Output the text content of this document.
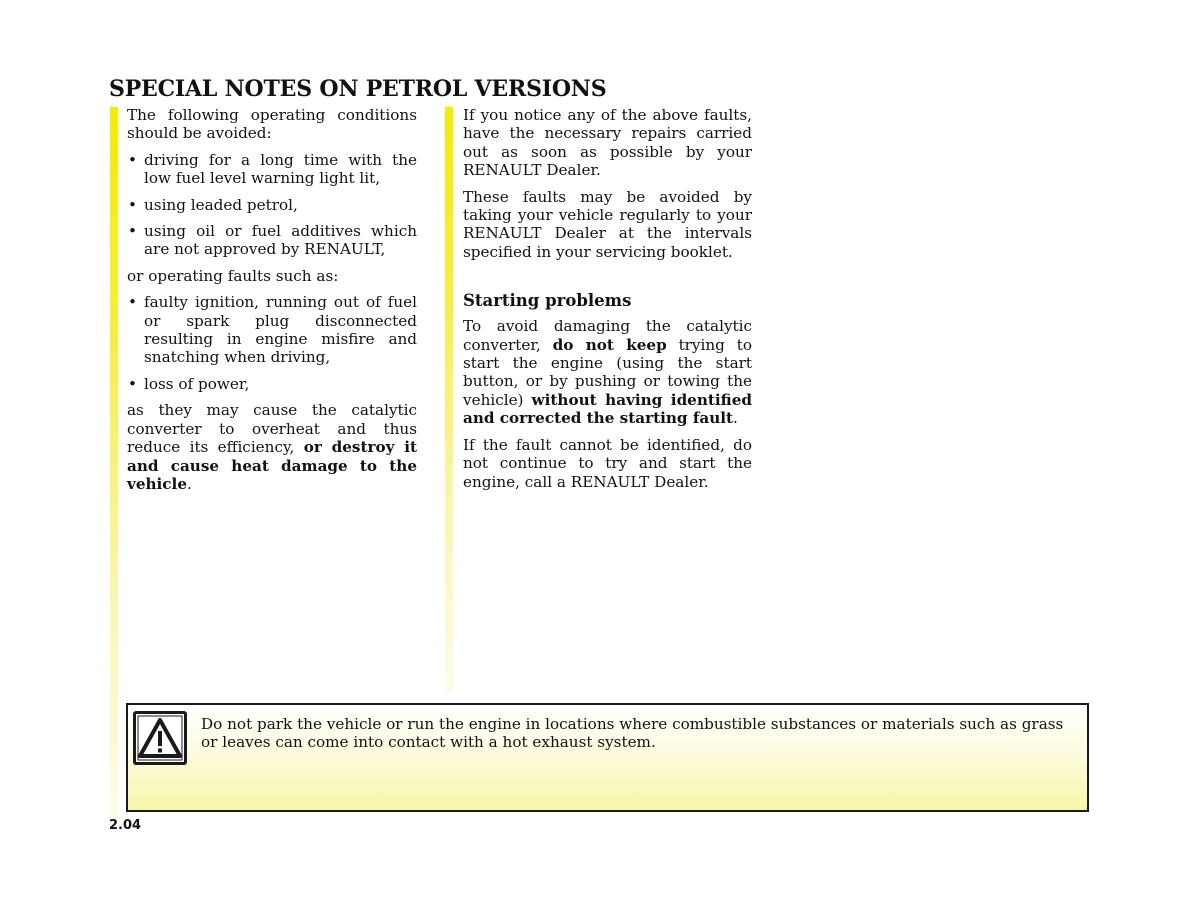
SPECIAL NOTES ON PETROL VERSIONS

The following operating conditions should be avoided:

• driving for a long time with the low fuel level warning light lit,
• using leaded petrol,
• using oil or fuel additives which are not approved by RENAULT,

or operating faults such as:

• faulty ignition, running out of fuel or spark plug disconnected resulting in engine misfire and snatching when driving,
• loss of power,

as they may cause the catalytic converter to overheat and thus reduce its efficiency, or destroy it and cause heat damage to the vehicle.

If you notice any of the above faults, have the necessary repairs carried out as soon as possible by your RENAULT Dealer.

These faults may be avoided by taking your vehicle regularly to your RENAULT Dealer at the intervals specified in your servicing booklet.

Starting problems

To avoid damaging the catalytic converter, do not keep trying to start the engine (using the start button, or by pushing or towing the vehicle) without having identified and corrected the starting fault.

If the fault cannot be identified, do not continue to try and start the engine, call a RENAULT Dealer.

Do not park the vehicle or run the engine in locations where combustible substances or materials such as grass or leaves can come into contact with a hot exhaust system.

2.04
